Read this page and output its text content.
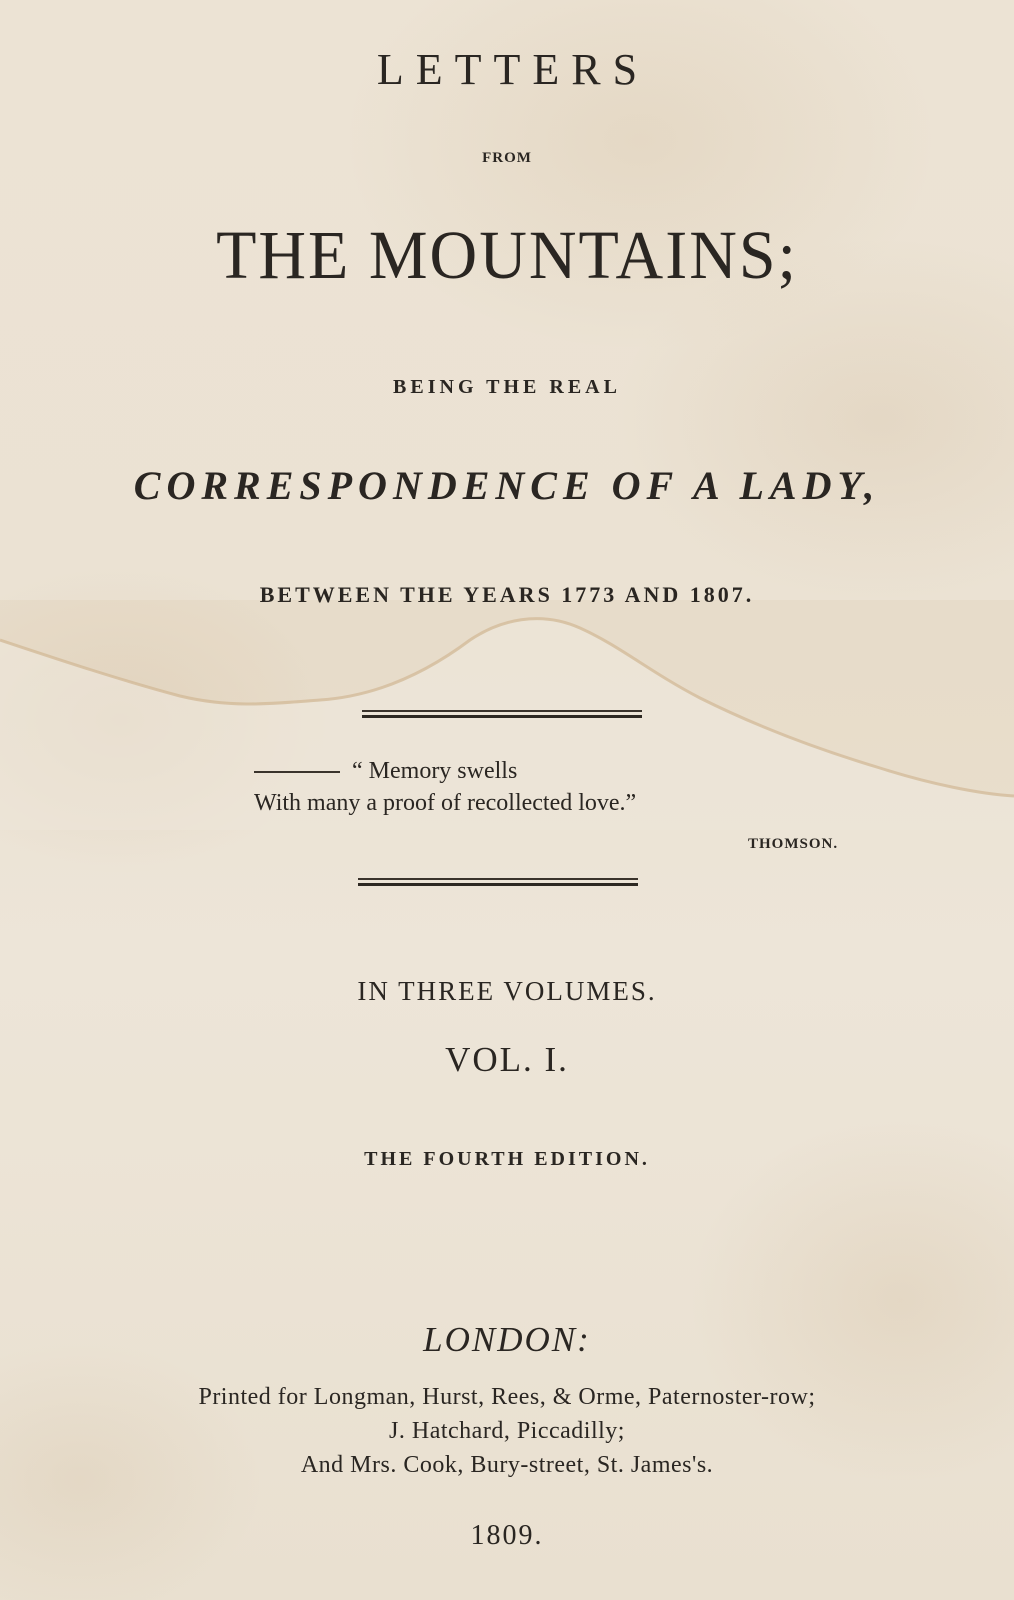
LETTERS
FROM
THE MOUNTAINS;
BEING THE REAL
CORRESPONDENCE OF A LADY,
BETWEEN THE YEARS 1773 AND 1807.
“ Memory swells
With many a proof of recollected love.”
THOMSON.
IN THREE VOLUMES.
VOL. I.
THE FOURTH EDITION.
LONDON:
Printed for Longman, Hurst, Rees, & Orme, Paternoster-row;
J. Hatchard, Piccadilly;
And Mrs. Cook, Bury-street, St. James's.
1809.
